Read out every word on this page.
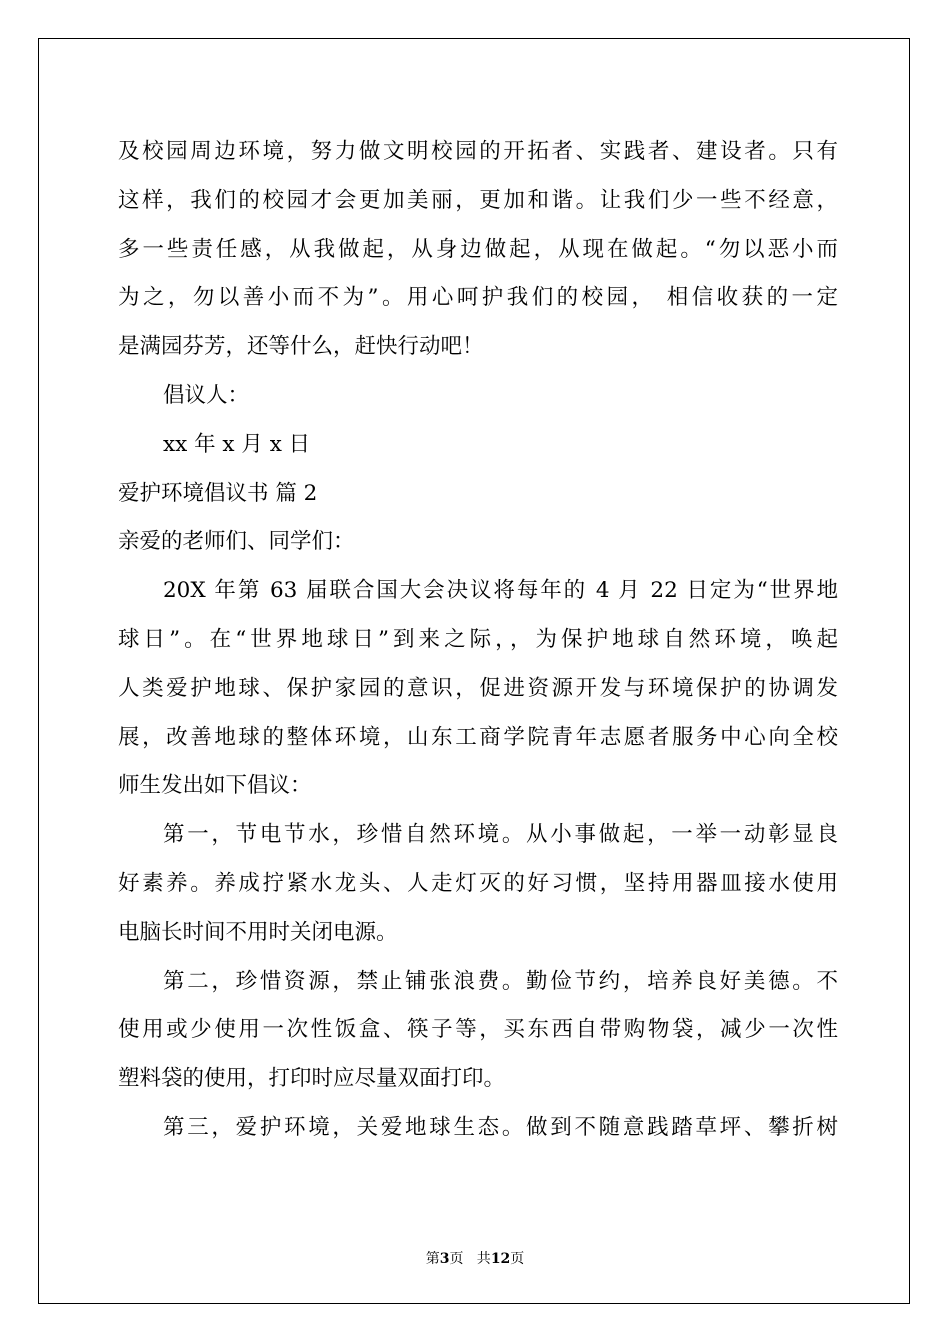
及校园周边环境，努力做文明校园的开拓者、实践者、建设者。只有
这样，我们的校园才会更加美丽，更加和谐。让我们少一些不经意，
多一些责任感，从我做起，从身边做起，从现在做起。“勿以恶小而
为之，勿以善小而不为”。用心呵护我们的校园， 相信收获的一定
是满园芬芳，还等什么，赶快行动吧！
倡议人：
xx 年 x 月 x 日
爱护环境倡议书 篇 2
亲爱的老师们、同学们：
20X 年第 63 届联合国大会决议将每年的 4 月 22 日定为“世界地
球日”。在“世界地球日”到来之际，，为保护地球自然环境，唤起
人类爱护地球、保护家园的意识，促进资源开发与环境保护的协调发
展，改善地球的整体环境，山东工商学院青年志愿者服务中心向全校
师生发出如下倡议：
第一，节电节水，珍惜自然环境。从小事做起，一举一动彰显良
好素养。养成拧紧水龙头、人走灯灭的好习惯，坚持用器皿接水使用
电脑长时间不用时关闭电源。
第二，珍惜资源，禁止铺张浪费。勤俭节约，培养良好美德。不
使用或少使用一次性饭盒、筷子等，买东西自带购物袋，减少一次性
塑料袋的使用，打印时应尽量双面打印。
第三，爱护环境，关爱地球生态。做到不随意践踏草坪、攀折树
第3页   共12页
